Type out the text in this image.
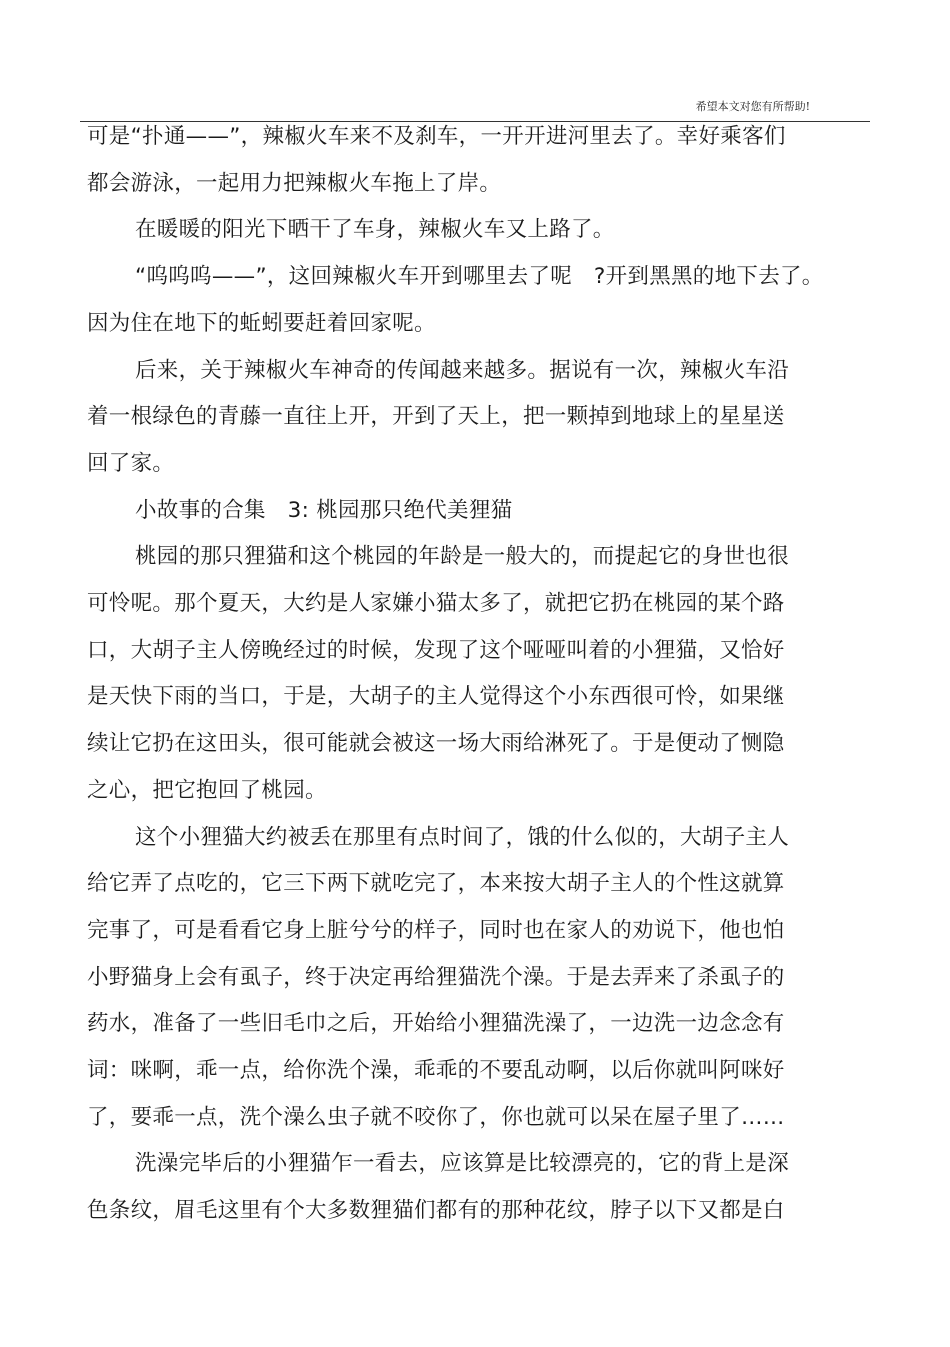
希望本文对您有所帮助!
可是“扑通——”，辣椒火车来不及刹车，一开开进河里去了。幸好乘客们
都会游泳，一起用力把辣椒火车拖上了岸。
在暖暖的阳光下晒干了车身，辣椒火车又上路了。
“呜呜呜——”，这回辣椒火车开到哪里去了呢　?开到黑黑的地下去了。
因为住在地下的蚯蚓要赶着回家呢。
后来，关于辣椒火车神奇的传闻越来越多。据说有一次，辣椒火车沿
着一根绿色的青藤一直往上开，开到了天上，把一颗掉到地球上的星星送
回了家。
小故事的合集　3: 桃园那只绝代美狸猫
桃园的那只狸猫和这个桃园的年龄是一般大的，而提起它的身世也很
可怜呢。那个夏天，大约是人家嫌小猫太多了，就把它扔在桃园的某个路
口，大胡子主人傍晚经过的时候，发现了这个哑哑叫着的小狸猫，又恰好
是天快下雨的当口，于是，大胡子的主人觉得这个小东西很可怜，如果继
续让它扔在这田头，很可能就会被这一场大雨给淋死了。于是便动了恻隐
之心，把它抱回了桃园。
这个小狸猫大约被丢在那里有点时间了，饿的什么似的，大胡子主人
给它弄了点吃的，它三下两下就吃完了，本来按大胡子主人的个性这就算
完事了，可是看看它身上脏兮兮的样子，同时也在家人的劝说下，他也怕
小野猫身上会有虱子，终于决定再给狸猫洗个澡。于是去弄来了杀虱子的
药水，准备了一些旧毛巾之后，开始给小狸猫洗澡了，一边洗一边念念有
词：咪啊，乖一点，给你洗个澡，乖乖的不要乱动啊，以后你就叫阿咪好
了，要乖一点，洗个澡么虫子就不咬你了，你也就可以呆在屋子里了……
洗澡完毕后的小狸猫乍一看去，应该算是比较漂亮的，它的背上是深
色条纹，眉毛这里有个大多数狸猫们都有的那种花纹，脖子以下又都是白
